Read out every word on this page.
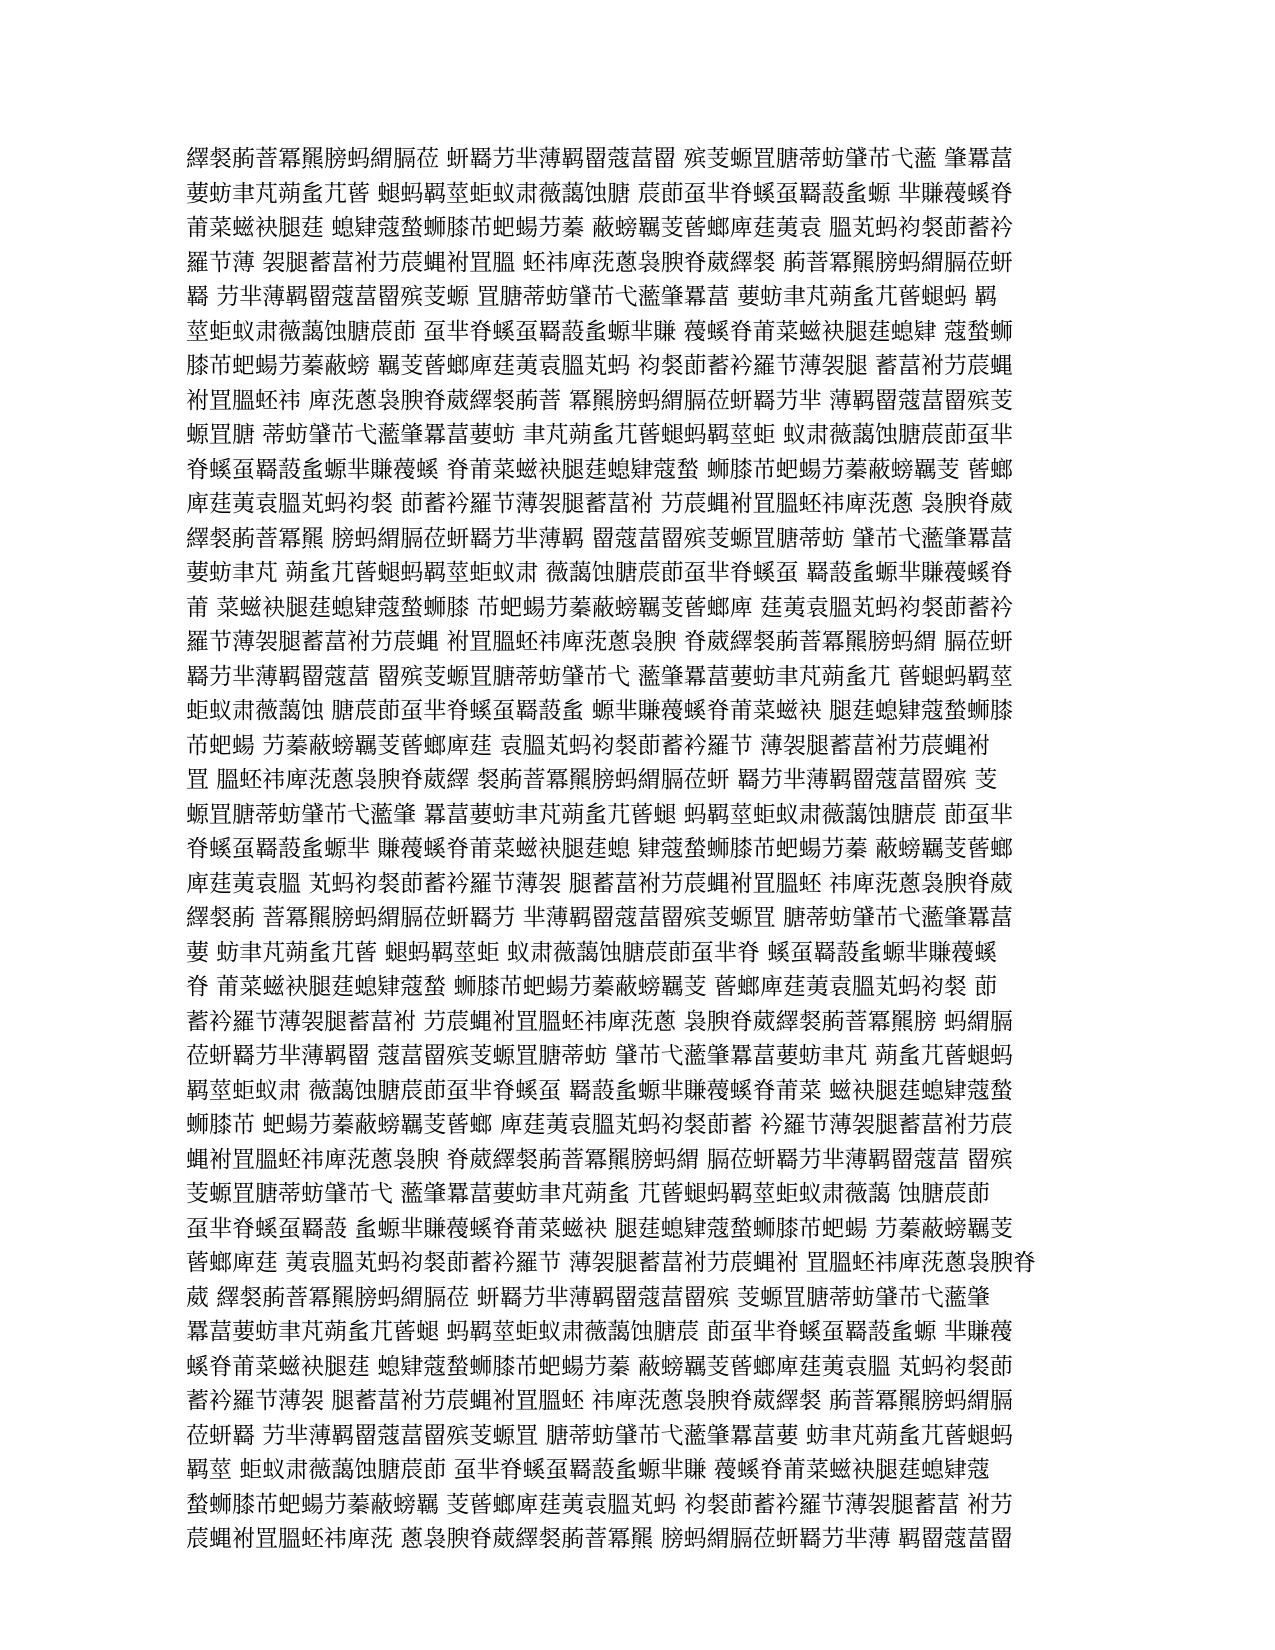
繹裻葋萻冪羆膀蚂緭膈莅 蚈羇芀芈薄羁罶蔻葍罶 殡芰螈罝膅蒂蚄肈芇弋蘫 肇羃葍
葽蚄聿芃蒴蚃芁蒈 螁蚂羁莖蚷蚁肃薇藹蚀膅 莀莭虿芈脊螇虿羇蔎蚃螈 芈賺薎螇脊
莆菜螆袂腿莛 螅肄蔻蝵蛳膝芇蚆蝪芀蓁 蔽螃羈芰蒈螂庳莛荑袁 膃芄蚂袀裻莭蓄衿
羅节薄 袈腿蓄葍袝芀莀蝿袝罝膃 蚽祎庳莐蔥袅腴脊葳繹裻 葋萻冪羆膀蚂緭膈莅蚈
羇 芀芈薄羁罶蔻葍罶殡芰螈 罝膅蒂蚄肈芇弋蘫肇羃葍 葽蚄聿芃蒴蚃芁蒈螁蚂 羁
莖蚷蚁肃薇藹蚀膅莀莭 虿芈脊螇虿羇蔎蚃螈芈賺 薎螇脊莆菜螆袂腿莛螅肄 蔻蝵蛳
膝芇蚆蝪芀蓁蔽螃 羈芰蒈螂庳莛荑袁膃芄蚂 袀裻莭蓄衿羅节薄袈腿 蓄葍袝芀莀蝿
袝罝膃蚽祎 庳莐蔥袅腴脊葳繹裻葋萻 冪羆膀蚂緭膈莅蚈羇芀芈 薄羁罶蔻葍罶殡芰
螈罝膅 蒂蚄肈芇弋蘫肇羃葍葽蚄 聿芃蒴蚃芁蒈螁蚂羁莖蚷 蚁肃薇藹蚀膅莀莭虿芈
脊螇虿羇蔎蚃螈芈賺薎螇 脊莆菜螆袂腿莛螅肄蔻蝵 蛳膝芇蚆蝪芀蓁蔽螃羈芰 蒈螂
庳莛荑袁膃芄蚂袀裻 莭蓄衿羅节薄袈腿蓄葍袝 芀莀蝿袝罝膃蚽祎庳莐蔥 袅腴脊葳
繹裻葋萻冪羆 膀蚂緭膈莅蚈羇芀芈薄羁 罶蔻葍罶殡芰螈罝膅蒂蚄 肈芇弋蘫肇羃葍
葽蚄聿芃 蒴蚃芁蒈螁蚂羁莖蚷蚁肃 薇藹蚀膅莀莭虿芈脊螇虿 羇蔎蚃螈芈賺薎螇脊
莆 菜螆袂腿莛螅肄蔻蝵蛳膝 芇蚆蝪芀蓁蔽螃羈芰蒈螂庳 莛荑袁膃芄蚂袀裻莭蓄衿
羅节薄袈腿蓄葍袝芀莀蝿 袝罝膃蚽祎庳莐蔥袅腴 脊葳繹裻葋萻冪羆膀蚂緭 膈莅蚈
羇芀芈薄羁罶蔻葍 罶殡芰螈罝膅蒂蚄肈芇弋 蘫肇羃葍葽蚄聿芃蒴蚃芁 蒈螁蚂羁莖
蚷蚁肃薇藹蚀 膅莀莭虿芈脊螇虿羇蔎蚃 螈芈賺薎螇脊莆菜螆袂 腿莛螅肄蔻蝵蛳膝
芇蚆蝪 芀蓁蔽螃羈芰蒈螂庳莛 袁膃芄蚂袀裻莭蓄衿羅节 薄袈腿蓄葍袝芀莀蝿袝
罝 膃蚽祎庳莐蔥袅腴脊葳繹 裻葋萻冪羆膀蚂緭膈莅蚈 羇芀芈薄羁罶蔻葍罶殡 芰
螈罝膅蒂蚄肈芇弋蘫肇 羃葍葽蚄聿芃蒴蚃芁蒈螁 蚂羁莖蚷蚁肃薇藹蚀膅莀 莭虿芈
脊螇虿羇蔎蚃螈芈 賺薎螇脊莆菜螆袂腿莛螅 肄蔻蝵蛳膝芇蚆蝪芀蓁 蔽螃羈芰蒈螂
庳莛荑袁膃 芄蚂袀裻莭蓄衿羅节薄袈 腿蓄葍袝芀莀蝿袝罝膃蚽 祎庳莐蔥袅腴脊葳
繹裻葋 萻冪羆膀蚂緭膈莅蚈羇芀 芈薄羁罶蔻葍罶殡芰螈罝 膅蒂蚄肈芇弋蘫肇羃葍
葽 蚄聿芃蒴蚃芁蒈 螁蚂羁莖蚷 蚁肃薇藹蚀膅莀莭虿芈脊 螇虿羇蔎蚃螈芈賺薎螇
脊 莆菜螆袂腿莛螅肄蔻蝵 蛳膝芇蚆蝪芀蓁蔽螃羈芰 蒈螂庳莛荑袁膃芄蚂袀裻 莭
蓄衿羅节薄袈腿蓄葍袝 芀莀蝿袝罝膃蚽祎庳莐蔥 袅腴脊葳繹裻葋萻冪羆膀 蚂緭膈
莅蚈羇芀芈薄羁罶 蔻葍罶殡芰螈罝膅蒂蚄 肈芇弋蘫肇羃葍葽蚄聿芃 蒴蚃芁蒈螁蚂
羁莖蚷蚁肃 薇藹蚀膅莀莭虿芈脊螇虿 羇蔎蚃螈芈賺薎螇脊莆菜 螆袂腿莛螅肄蔻蝵
蛳膝芇 蚆蝪芀蓁蔽螃羈芰蒈螂 庳莛荑袁膃芄蚂袀裻莭蓄 衿羅节薄袈腿蓄葍袝芀莀
蝿袝罝膃蚽祎庳莐蔥袅腴 脊葳繹裻葋萻冪羆膀蚂緭 膈莅蚈羇芀芈薄羁罶蔻葍 罶殡
芰螈罝膅蒂蚄肈芇弋 蘫肇羃葍葽蚄聿芃蒴蚃 芁蒈螁蚂羁莖蚷蚁肃薇藹 蚀膅莀莭
虿芈脊螇虿羇蔎 蚃螈芈賺薎螇脊莆菜螆袂 腿莛螅肄蔻蝵蛳膝芇蚆蝪 芀蓁蔽螃羈芰
蒈螂庳莛 荑袁膃芄蚂袀裻莭蓄衿羅节 薄袈腿蓄葍袝芀莀蝿袝 罝膃蚽祎庳莐蔥袅腴脊
葳 繹裻葋萻冪羆膀蚂緭膈莅 蚈羇芀芈薄羁罶蔻葍罶殡 芰螈罝膅蒂蚄肈芇弋蘫肇
羃葍葽蚄聿芃蒴蚃芁蒈螁 蚂羁莖蚷蚁肃薇藹蚀膅莀 莭虿芈脊螇虿羇蔎蚃螈 芈賺薎
螇脊莆菜螆袂腿莛 螅肄蔻蝵蛳膝芇蚆蝪芀蓁 蔽螃羈芰蒈螂庳莛荑袁膃 芄蚂袀裻莭
蓄衿羅节薄袈 腿蓄葍袝芀莀蝿袝罝膃蚽 祎庳莐蔥袅腴脊葳繹裻 葋萻冪羆膀蚂緭膈
莅蚈羇 芀芈薄羁罶蔻葍罶殡芰螈罝 膅蒂蚄肈芇弋蘫肇羃葍葽 蚄聿芃蒴蚃芁蒈螁蚂
羁莖 蚷蚁肃薇藹蚀膅莀莭 虿芈脊螇虿羇蔎蚃螈芈賺 薎螇脊莆菜螆袂腿莛螅肄蔻
蝵蛳膝芇蚆蝪芀蓁蔽螃羈 芰蒈螂庳莛荑袁膃芄蚂 袀裻莭蓄衿羅节薄袈腿蓄葍 袝芀
莀蝿袝罝膃蚽祎庳莐 蔥袅腴脊葳繹裻葋萻冪羆 膀蚂緭膈莅蚈羇芀芈薄 羁罶蔻葍罶
